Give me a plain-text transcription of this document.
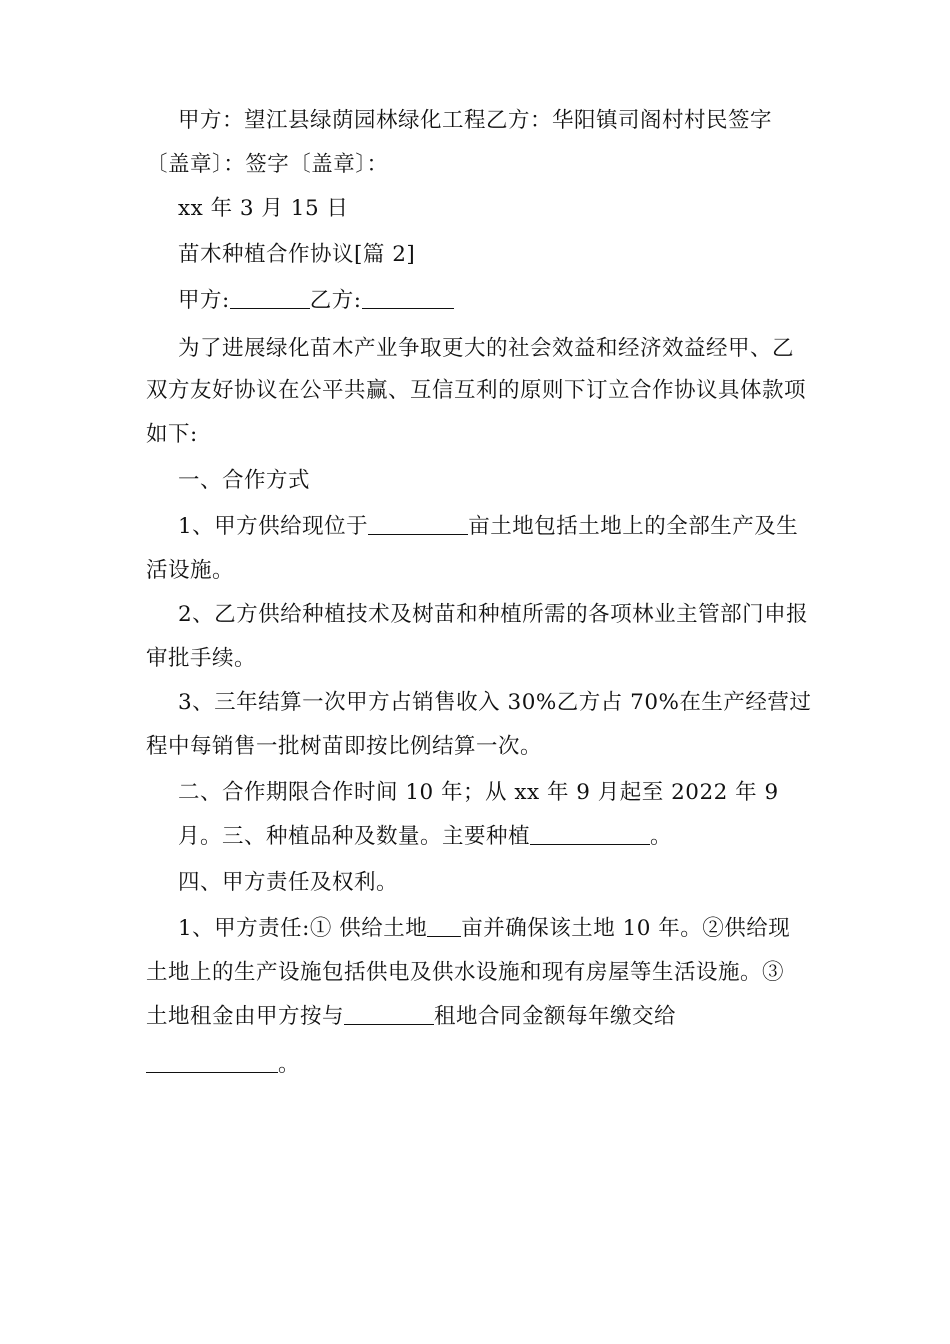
甲方：望江县绿荫园林绿化工程乙方：华阳镇司阁村村民签字
〔盖章〕：签字〔盖章〕：
xx 年 3 月 15 日
苗木种植合作协议[篇 2]
甲方:	乙方:
为了进展绿化苗木产业争取更大的社会效益和经济效益经甲、乙
双方友好协议在公平共赢、互信互利的原则下订立合作协议具体款项
如下:
一、合作方式
1、甲方供给现位于	亩土地包括土地上的全部生产及生
活设施。
2、乙方供给种植技术及树苗和种植所需的各项林业主管部门申报
审批手续。
3、三年结算一次甲方占销售收入 30%乙方占 70%在生产经营过
程中每销售一批树苗即按比例结算一次。
二、合作期限合作时间 10 年；从 xx 年 9 月起至 2022 年 9
月。三、种植品种及数量。主要种植	。
四、甲方责任及权利。
1、甲方责任:① 供给土地 亩并确保该土地 10 年。②供给现
土地上的生产设施包括供电及供水设施和现有房屋等生活设施。③
土地租金由甲方按与	租地合同金额每年缴交给
。
